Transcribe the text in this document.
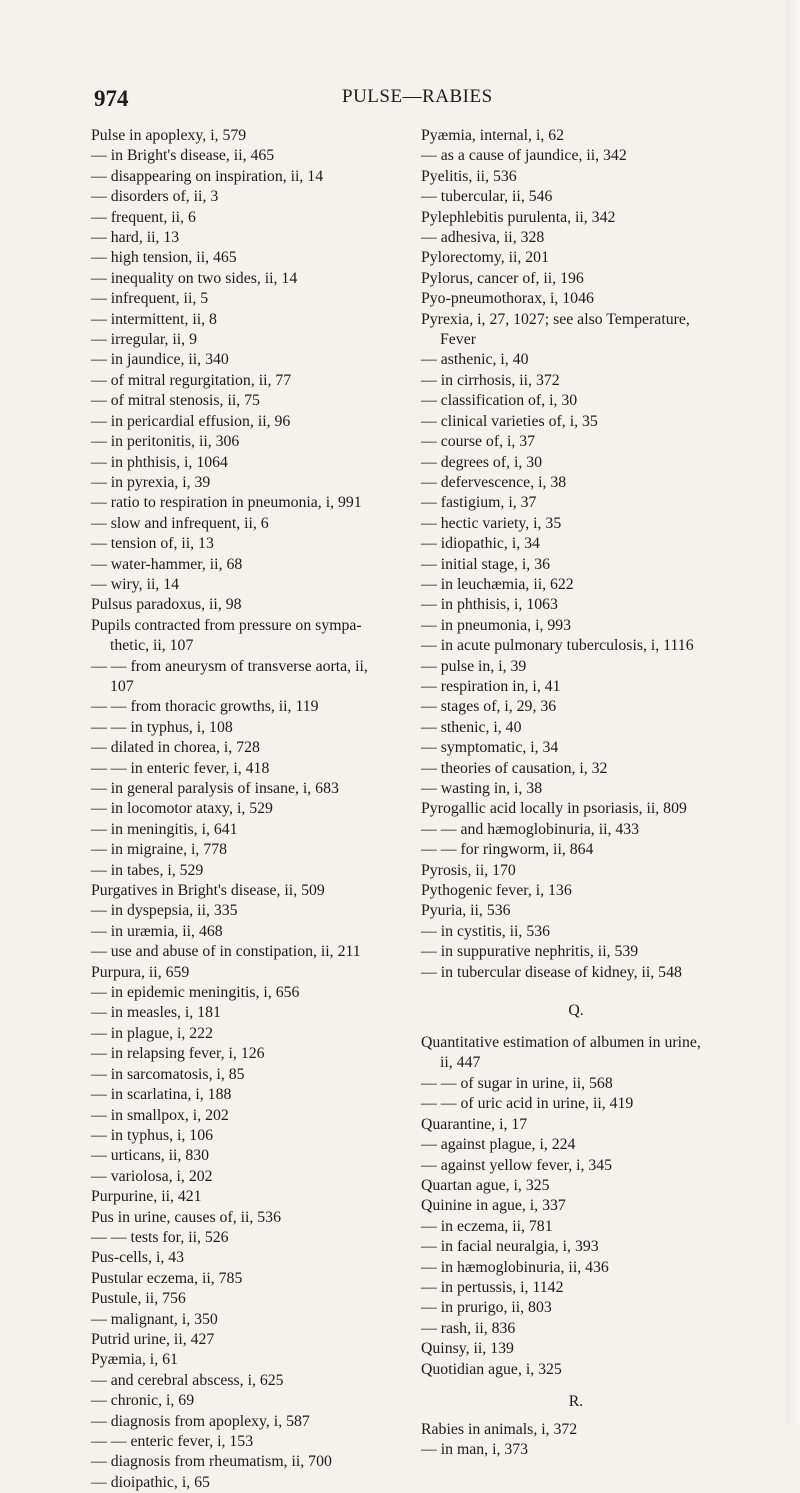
974	PULSE—RABIES
Pulse in apoplexy, i, 579
— in Bright's disease, ii, 465
— disappearing on inspiration, ii, 14
— disorders of, ii, 3
— frequent, ii, 6
— hard, ii, 13
— high tension, ii, 465
— inequality on two sides, ii, 14
— infrequent, ii, 5
— intermittent, ii, 8
— irregular, ii, 9
— in jaundice, ii, 340
— of mitral regurgitation, ii, 77
— of mitral stenosis, ii, 75
— in pericardial effusion, ii, 96
— in peritonitis, ii, 306
— in phthisis, i, 1064
— in pyrexia, i, 39
— ratio to respiration in pneumonia, i, 991
— slow and infrequent, ii, 6
— tension of, ii, 13
— water-hammer, ii, 68
— wiry, ii, 14
Pulsus paradoxus, ii, 98
Pupils contracted from pressure on sympa-
thetic, ii, 107
— — from aneurysm of transverse aorta, ii,
107
— — from thoracic growths, ii, 119
— — in typhus, i, 108
— dilated in chorea, i, 728
— — in enteric fever, i, 418
— in general paralysis of insane, i, 683
— in locomotor ataxy, i, 529
— in meningitis, i, 641
— in migraine, i, 778
— in tabes, i, 529
Purgatives in Bright's disease, ii, 509
— in dyspepsia, ii, 335
— in uræmia, ii, 468
— use and abuse of in constipation, ii, 211
Purpura, ii, 659
— in epidemic meningitis, i, 656
— in measles, i, 181
— in plague, i, 222
— in relapsing fever, i, 126
— in sarcomatosis, i, 85
— in scarlatina, i, 188
— in smallpox, i, 202
— in typhus, i, 106
— urticans, ii, 830
— variolosa, i, 202
Purpurine, ii, 421
Pus in urine, causes of, ii, 536
— — tests for, ii, 526
Pus-cells, i, 43
Pustular eczema, ii, 785
Pustule, ii, 756
— malignant, i, 350
Putrid urine, ii, 427
Pyæmia, i, 61
— and cerebral abscess, i, 625
— chronic, i, 69
— diagnosis from apoplexy, i, 587
— — enteric fever, i, 153
— diagnosis from rheumatism, ii, 700
— dioipathic, i, 65
Pyæmia, internal, i, 62
— as a cause of jaundice, ii, 342
Pyelitis, ii, 536
— tubercular, ii, 546
Pylephlebitis purulenta, ii, 342
— adhesiva, ii, 328
Pylorectomy, ii, 201
Pylorus, cancer of, ii, 196
Pyo-pneumothorax, i, 1046
Pyrexia, i, 27, 1027; see also Temperature,
Fever
— asthenic, i, 40
— in cirrhosis, ii, 372
— classification of, i, 30
— clinical varieties of, i, 35
— course of, i, 37
— degrees of, i, 30
— defervescence, i, 38
— fastigium, i, 37
— hectic variety, i, 35
— idiopathic, i, 34
— initial stage, i, 36
— in leuchæmia, ii, 622
— in phthisis, i, 1063
— in pneumonia, i, 993
— in acute pulmonary tuberculosis, i, 1116
— pulse in, i, 39
— respiration in, i, 41
— stages of, i, 29, 36
— sthenic, i, 40
— symptomatic, i, 34
— theories of causation, i, 32
— wasting in, i, 38
Pyrogallic acid locally in psoriasis, ii, 809
— — and hæmoglobinuria, ii, 433
— — for ringworm, ii, 864
Pyrosis, ii, 170
Pythogenic fever, i, 136
Pyuria, ii, 536
— in cystitis, ii, 536
— in suppurative nephritis, ii, 539
— in tubercular disease of kidney, ii, 548
Q.
Quantitative estimation of albumen in urine,
ii, 447
— — of sugar in urine, ii, 568
— — of uric acid in urine, ii, 419
Quarantine, i, 17
— against plague, i, 224
— against yellow fever, i, 345
Quartan ague, i, 325
Quinine in ague, i, 337
— in eczema, ii, 781
— in facial neuralgia, i, 393
— in hæmoglobinuria, ii, 436
— in pertussis, i, 1142
— in prurigo, ii, 803
— rash, ii, 836
Quinsy, ii, 139
Quotidian ague, i, 325
R.
Rabies in animals, i, 372
— in man, i, 373
